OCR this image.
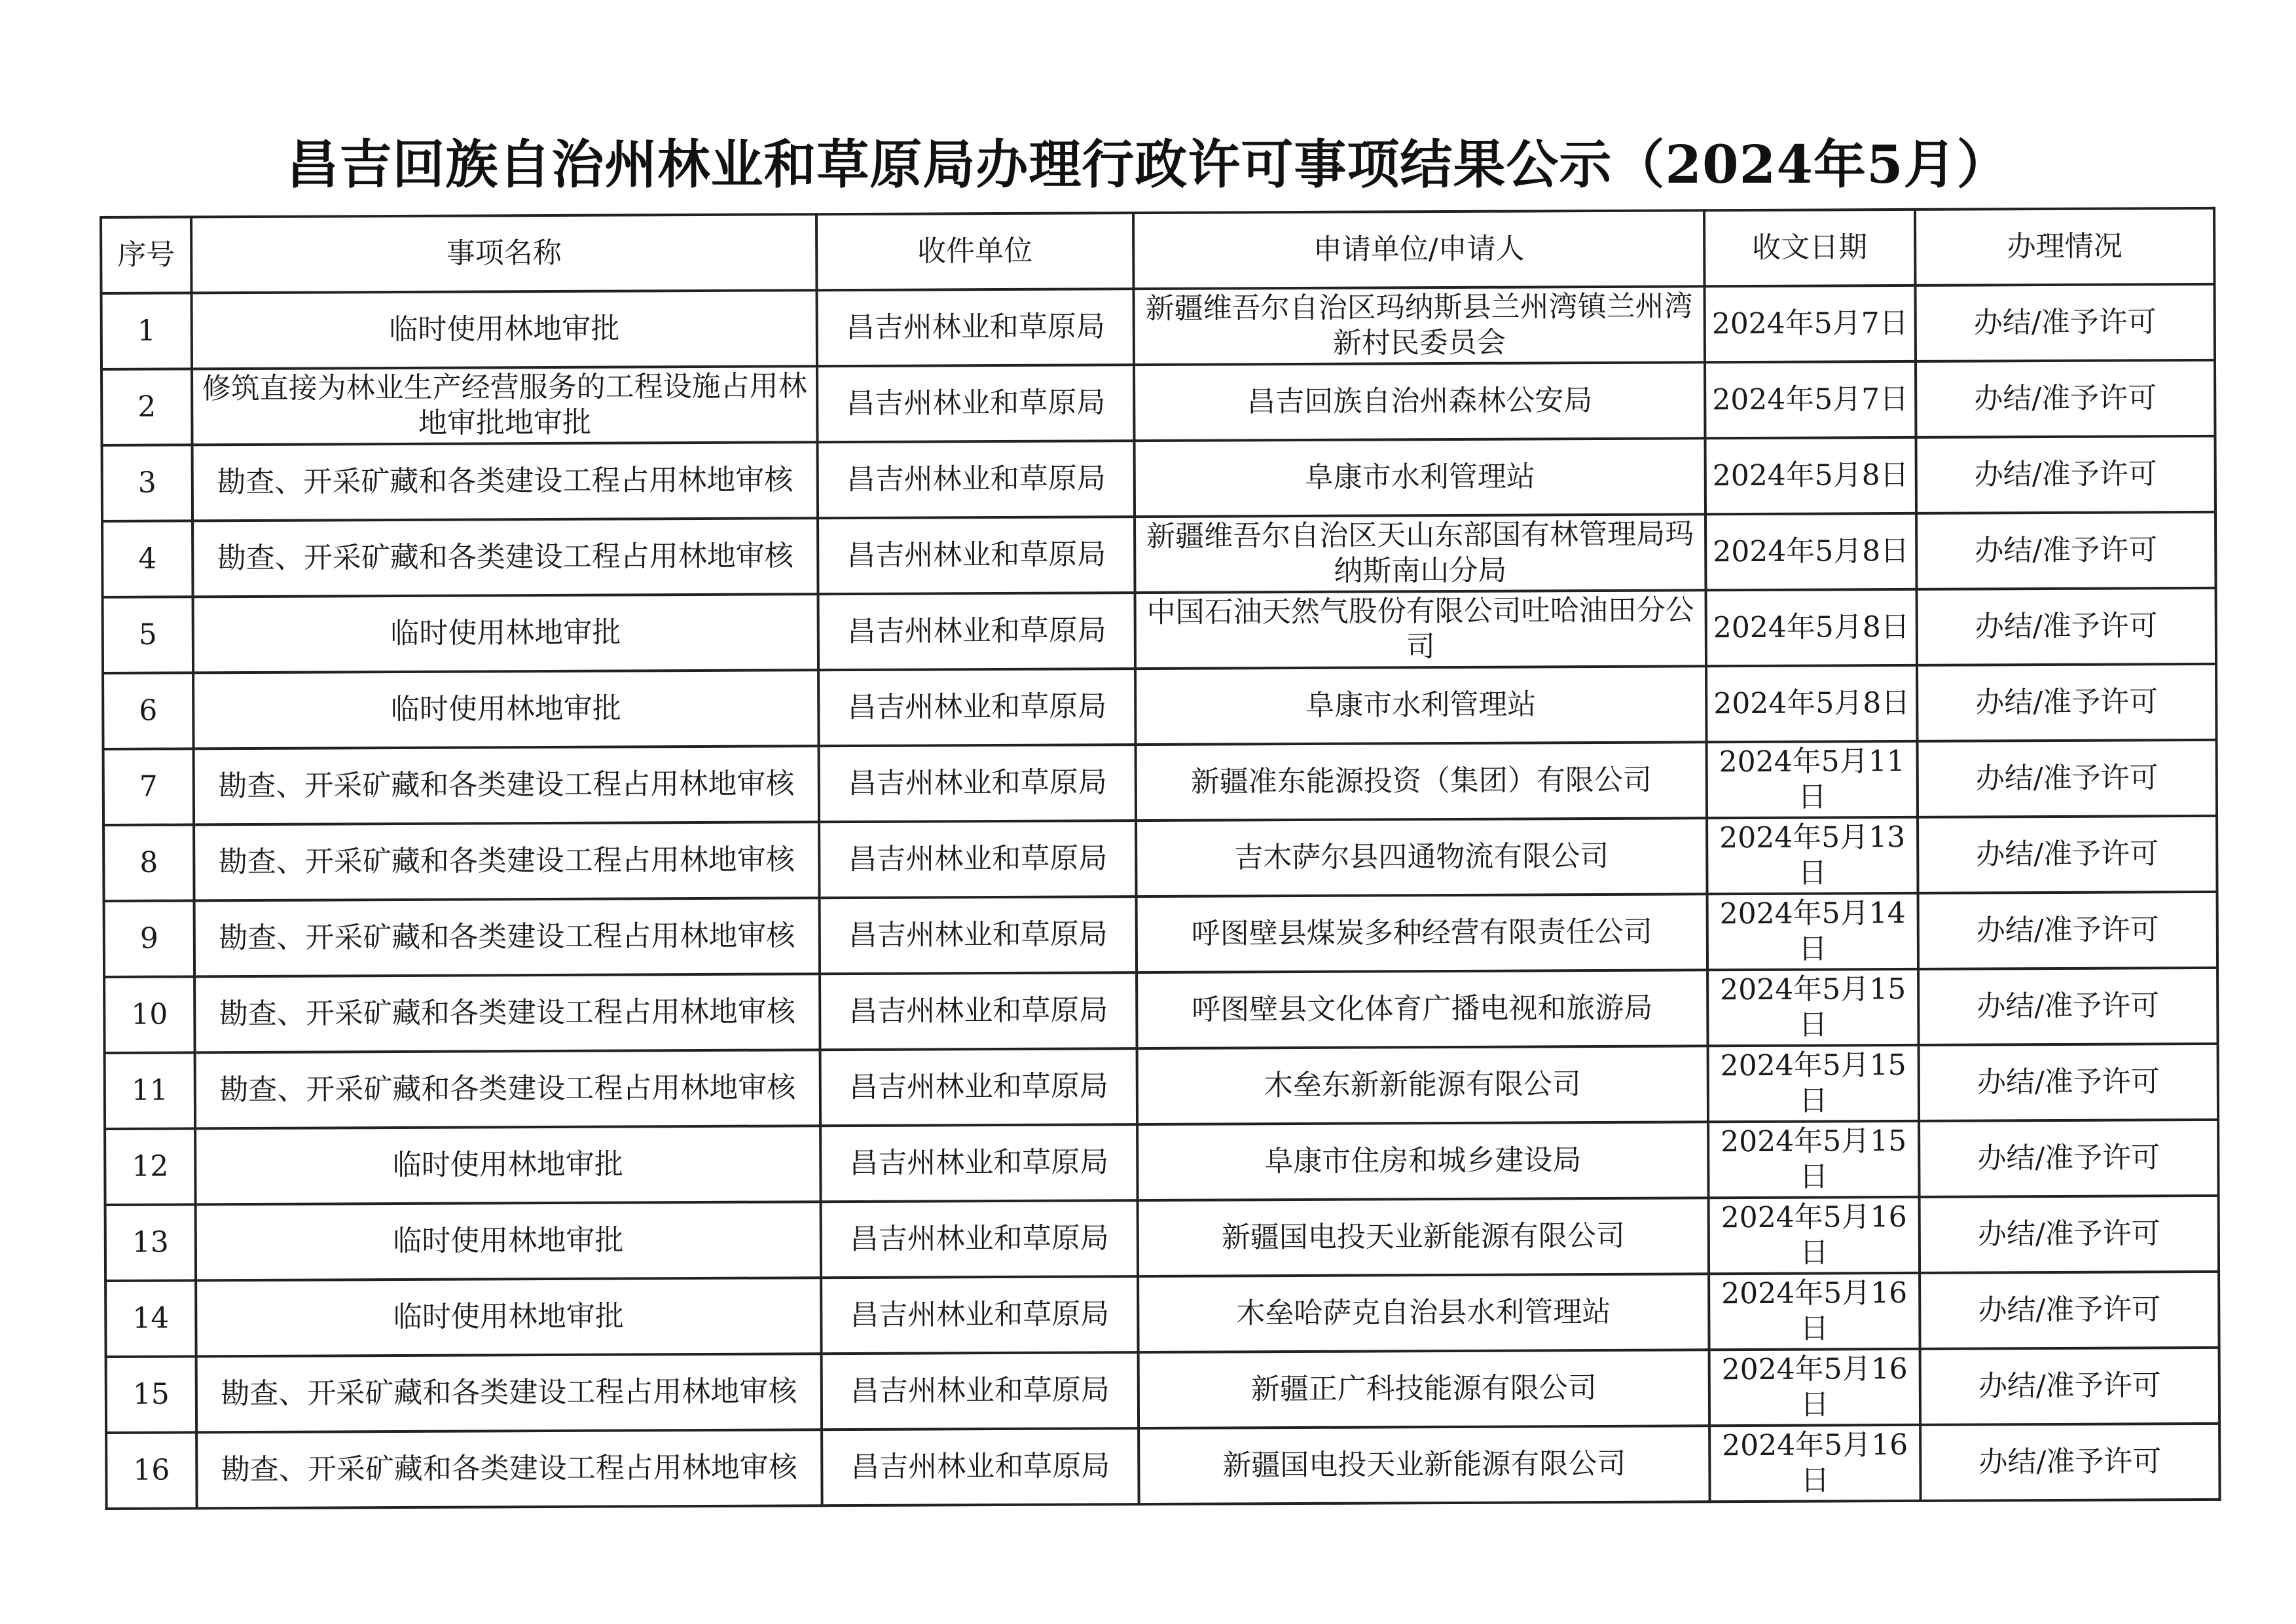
昌吉回族自治州林业和草原局办理行政许可事项结果公示（2024年5月）
序号	事项名称	收件单位	申请单位/申请人	收文日期	办理情况
1	临时使用林地审批	昌吉州林业和草原局	新疆维吾尔自治区玛纳斯县兰州湾镇兰州湾新村民委员会	2024年5月7日	办结/准予许可
2	修筑直接为林业生产经营服务的工程设施占用林地审批地审批	昌吉州林业和草原局	昌吉回族自治州森林公安局	2024年5月7日	办结/准予许可
3	勘查、开采矿藏和各类建设工程占用林地审核	昌吉州林业和草原局	阜康市水利管理站	2024年5月8日	办结/准予许可
4	勘查、开采矿藏和各类建设工程占用林地审核	昌吉州林业和草原局	新疆维吾尔自治区天山东部国有林管理局玛纳斯南山分局	2024年5月8日	办结/准予许可
5	临时使用林地审批	昌吉州林业和草原局	中国石油天然气股份有限公司吐哈油田分公司	2024年5月8日	办结/准予许可
6	临时使用林地审批	昌吉州林业和草原局	阜康市水利管理站	2024年5月8日	办结/准予许可
7	勘查、开采矿藏和各类建设工程占用林地审核	昌吉州林业和草原局	新疆准东能源投资（集团）有限公司	2024年5月11日	办结/准予许可
8	勘查、开采矿藏和各类建设工程占用林地审核	昌吉州林业和草原局	吉木萨尔县四通物流有限公司	2024年5月13日	办结/准予许可
9	勘查、开采矿藏和各类建设工程占用林地审核	昌吉州林业和草原局	呼图壁县煤炭多种经营有限责任公司	2024年5月14日	办结/准予许可
10	勘查、开采矿藏和各类建设工程占用林地审核	昌吉州林业和草原局	呼图壁县文化体育广播电视和旅游局	2024年5月15日	办结/准予许可
11	勘查、开采矿藏和各类建设工程占用林地审核	昌吉州林业和草原局	木垒东新新能源有限公司	2024年5月15日	办结/准予许可
12	临时使用林地审批	昌吉州林业和草原局	阜康市住房和城乡建设局	2024年5月15日	办结/准予许可
13	临时使用林地审批	昌吉州林业和草原局	新疆国电投天业新能源有限公司	2024年5月16日	办结/准予许可
14	临时使用林地审批	昌吉州林业和草原局	木垒哈萨克自治县水利管理站	2024年5月16日	办结/准予许可
15	勘查、开采矿藏和各类建设工程占用林地审核	昌吉州林业和草原局	新疆正广科技能源有限公司	2024年5月16日	办结/准予许可
16	勘查、开采矿藏和各类建设工程占用林地审核	昌吉州林业和草原局	新疆国电投天业新能源有限公司	2024年5月16日	办结/准予许可
